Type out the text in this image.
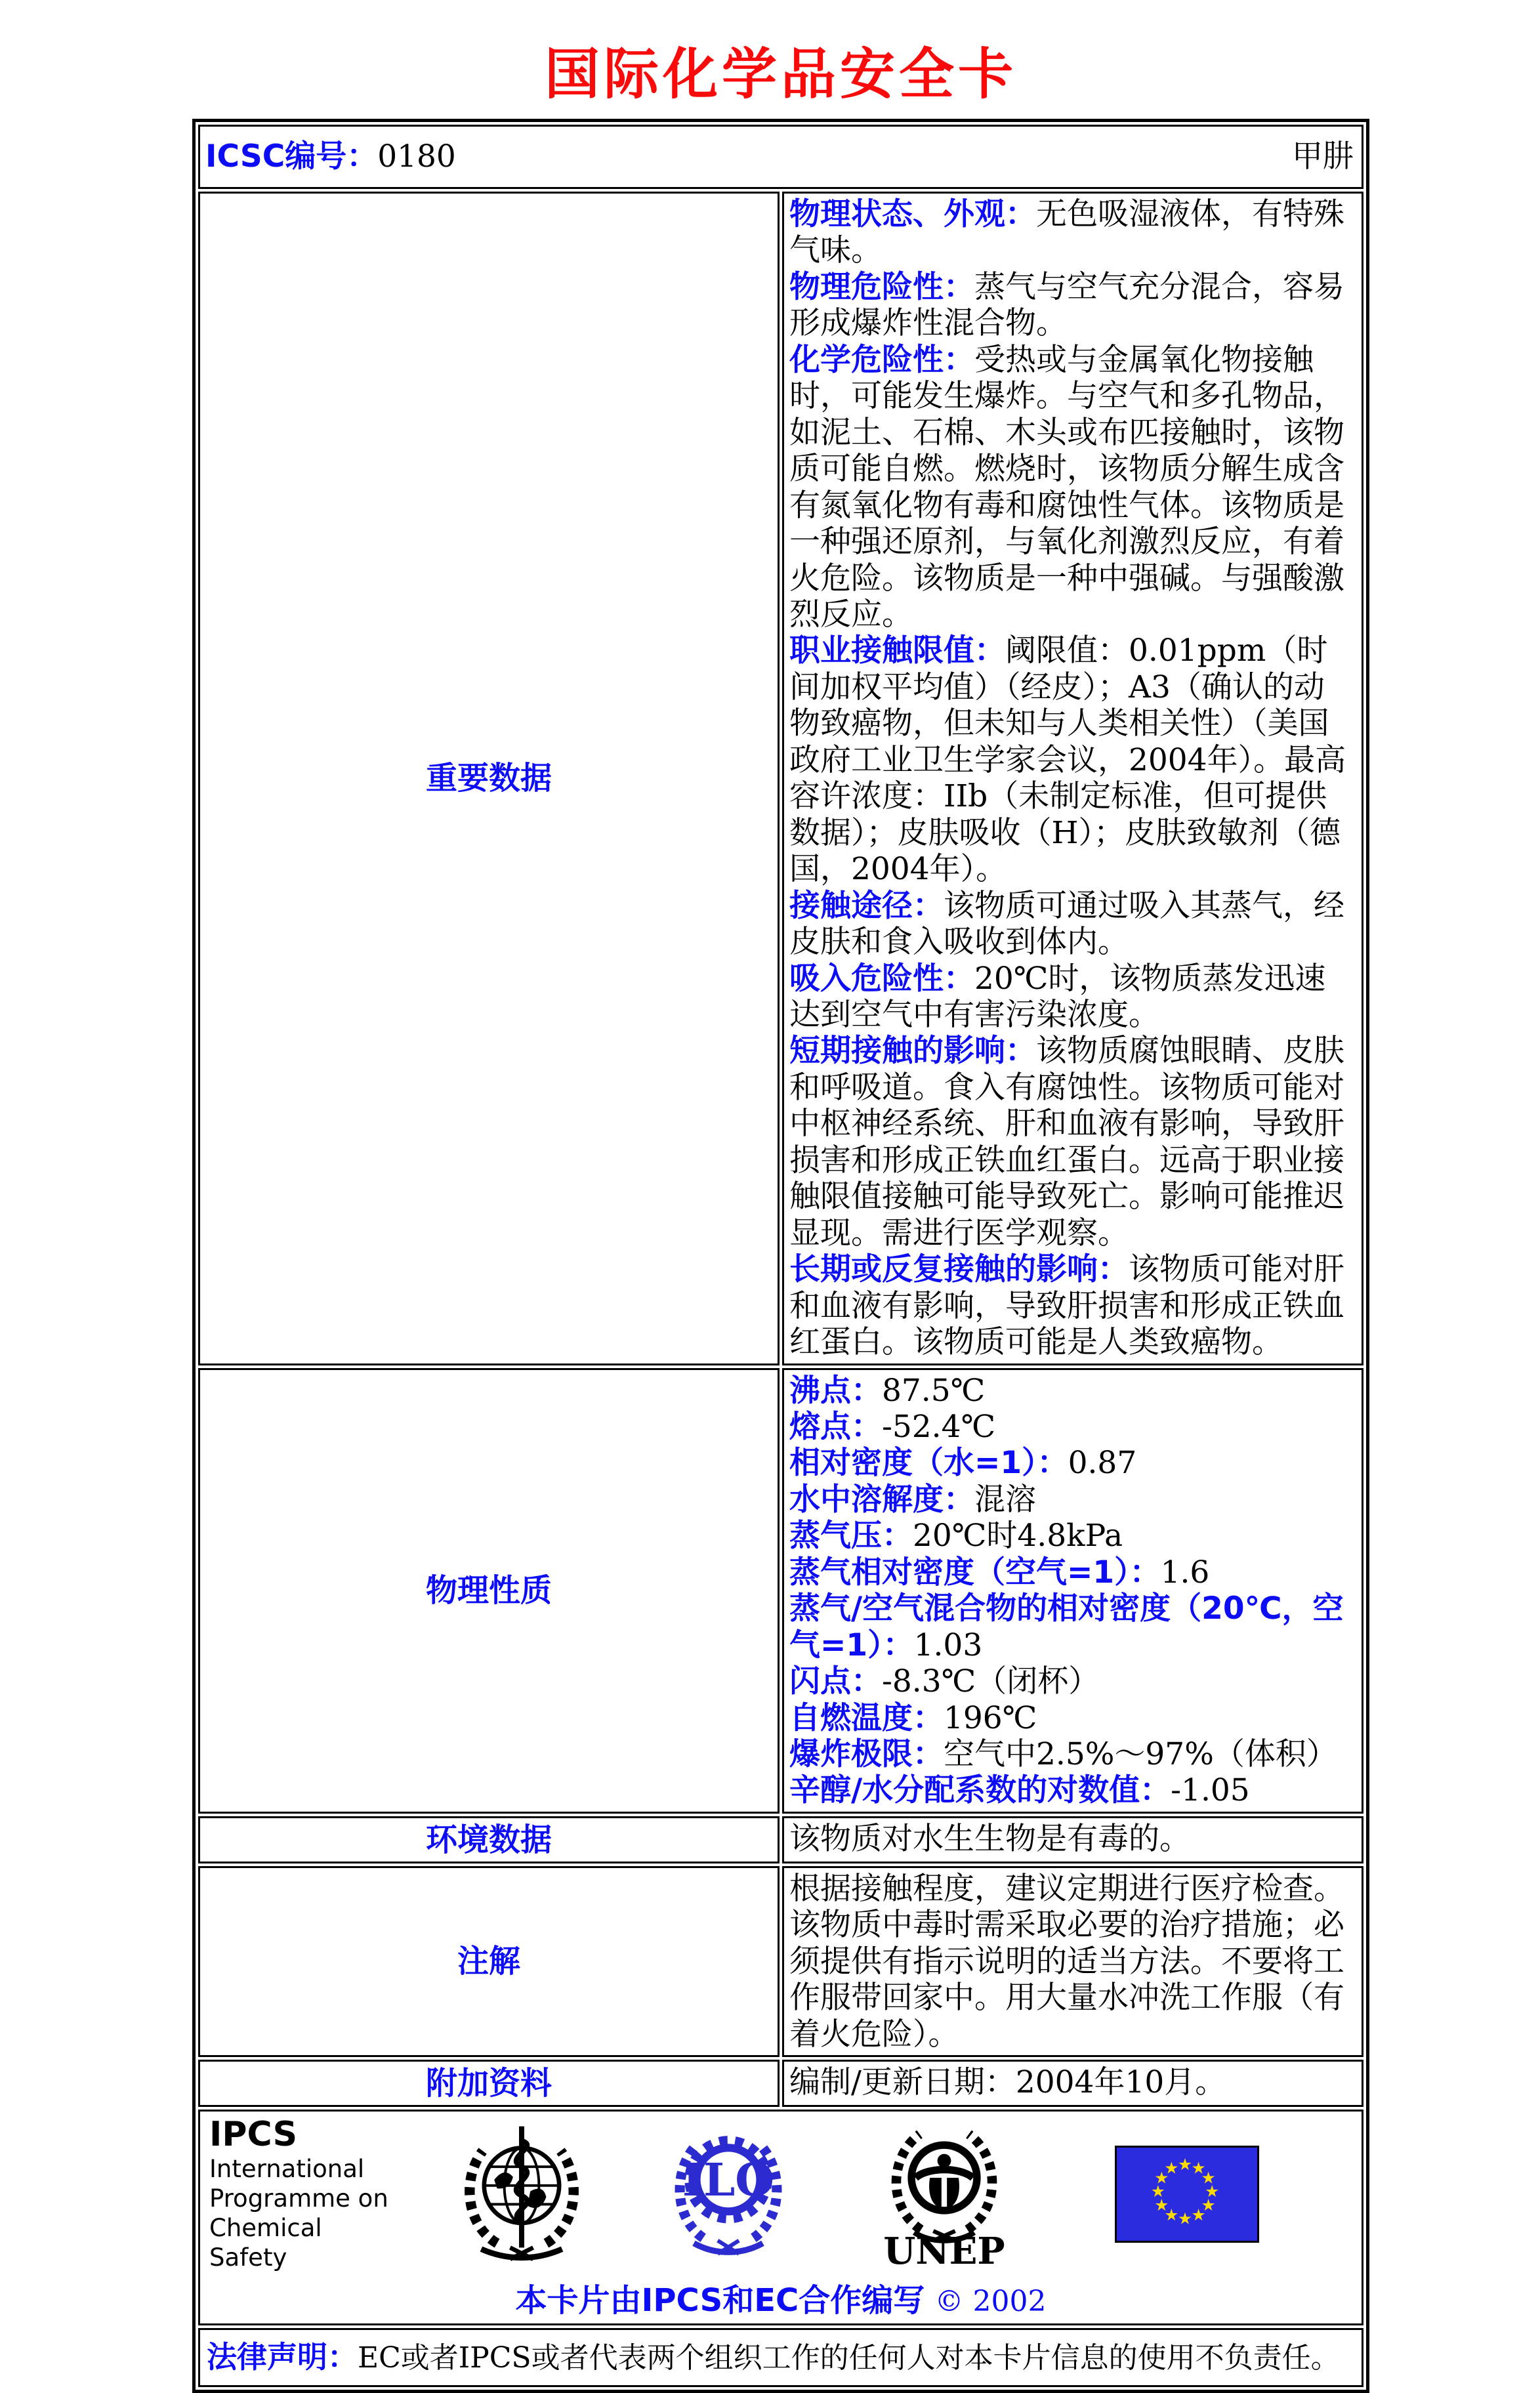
国际化学品安全卡
ICSC编号：0180 甲肼	

重要数据	

物理状态、外观：无色吸湿液体，有特殊气味。

物理危险性：蒸气与空气充分混合，容易形成爆炸性混合物。

化学危险性：受热或与金属氧化物接触时，可能发生爆炸。与空气和多孔物品，如泥土、石棉、木头或布匹接触时，该物质可能自燃。燃烧时，该物质分解生成含有氮氧化物有毒和腐蚀性气体。该物质是一种强还原剂，与氧化剂激烈反应，有着火危险。该物质是一种中强碱。与强酸激烈反应。

职业接触限值：阈限值：0.01ppm（时间加权平均值）（经皮）；A3（确认的动物致癌物，但未知与人类相关性）（美国政府工业卫生学家会议，2004年）。最高容许浓度：IIb（未制定标准，但可提供数据）；皮肤吸收（H）；皮肤致敏剂（德国，2004年）。

接触途径：该物质可通过吸入其蒸气，经皮肤和食入吸收到体内。

吸入危险性：20℃时，该物质蒸发迅速达到空气中有害污染浓度。

短期接触的影响：该物质腐蚀眼睛、皮肤和呼吸道。食入有腐蚀性。该物质可能对中枢神经系统、肝和血液有影响，导致肝损害和形成正铁血红蛋白。远高于职业接触限值接触可能导致死亡。影响可能推迟显现。需进行医学观察。

长期或反复接触的影响：该物质可能对肝和血液有影响，导致肝损害和形成正铁血红蛋白。该物质可能是人类致癌物。

物理性质	
沸点：87.5℃
熔点：-52.4℃
相对密度（水=1）：0.87
水中溶解度：混溶
蒸气压：20℃时4.8kPa
蒸气相对密度（空气=1）：1.6
蒸气/空气混合物的相对密度（20℃，空气=1）：1.03
闪点：-8.3℃（闭杯）
自燃温度：196℃
爆炸极限：空气中2.5%～97%（体积）
辛醇/水分配系数的对数值：-1.05

环境数据	该物质对水生生物是有毒的。
注解	根据接触程度，建议定期进行医疗检查。该物质中毒时需采取必要的治疗措施；必须提供有指示说明的适当方法。不要将工作服带回家中。用大量水冲洗工作服（有着火危险）。
附加资料	编制/更新日期：2004年10月。

IPCS
International
Programme on
Chemical Safety
ILO
UNEP
★
★
★
★
★
★
★
★
★
★
★
★
本卡片由IPCS和EC合作编写 © 2002

法律声明：EC或者IPCS或者代表两个组织工作的任何人对本卡片信息的使用不负责任。	
